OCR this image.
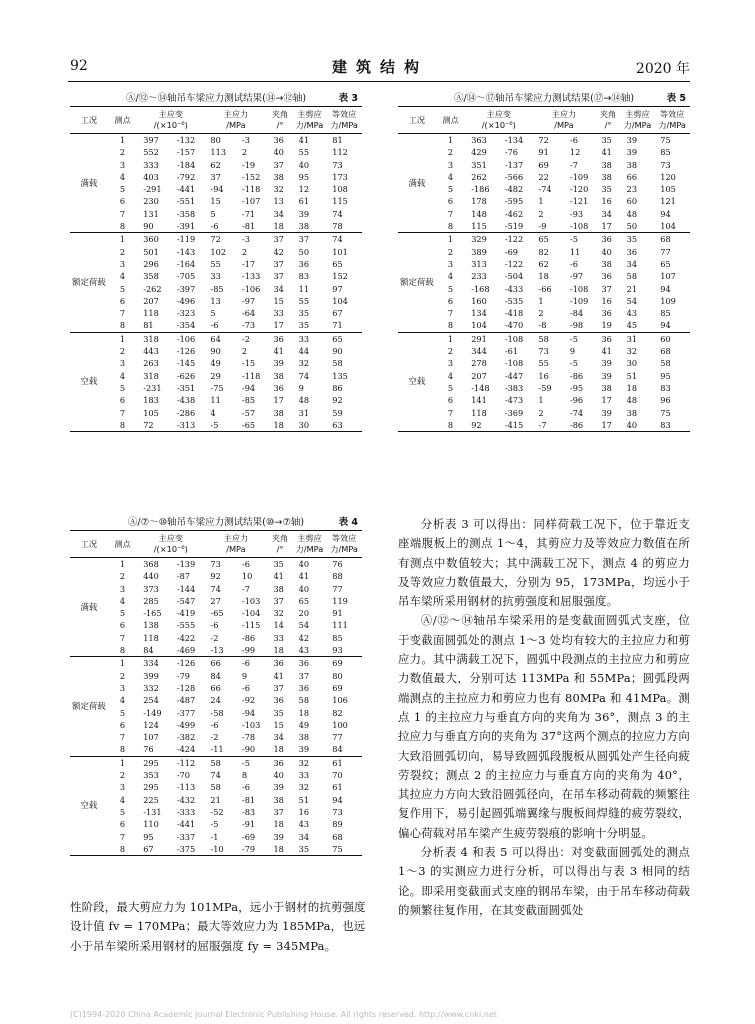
92	建筑结构	2020 年
Ⓐ/⑫～⑭轴吊车梁应力测试结果(⑭→⑫轴)	表 3
工况	测点	主应变
/(×10⁻⁶)		主应力
/MPa		夹角
/°	主剪应
力/MPa	等效应
力/MPa
满载	1	397	-132	80	-3	36	41	81
	2	552	-157	113	2	40	55	112
	3	333	-184	62	-19	37	40	73
	4	403	-792	37	-152	38	95	173
	5	-291	-441	-94	-118	32	12	108
	6	230	-551	15	-107	13	61	115
	7	131	-358	5	-71	34	39	74
	8	90	-391	-6	-81	18	38	78
额定荷载	1	360	-119	72	-3	37	37	74
	2	501	-143	102	2	42	50	101
	3	296	-164	55	-17	37	36	65
	4	358	-705	33	-133	37	83	152
	5	-262	-397	-85	-106	34	11	97
	6	207	-496	13	-97	15	55	104
	7	118	-323	5	-64	33	35	67
	8	81	-354	-6	-73	17	35	71
空载	1	318	-106	64	-2	36	33	65
	2	443	-126	90	2	41	44	90
	3	263	-145	49	-15	39	32	58
	4	318	-626	29	-118	38	74	135
	5	-231	-351	-75	-94	36	9	86
	6	183	-438	11	-85	17	48	92
	7	105	-286	4	-57	38	31	59
	8	72	-313	-5	-65	18	30	63
Ⓐ/⑭～⑰轴吊车梁应力测试结果(⑰→⑭轴)	表 5
工况	测点	主应变
/(×10⁻⁶)		主应力
/MPa		夹角
/°	主剪应
力/MPa	等效应
力/MPa
满载	1	363	-134	72	-6	35	39	75
	2	429	-76	91	12	41	39	85
	3	351	-137	69	-7	38	38	73
	4	262	-566	22	-109	38	66	120
	5	-186	-482	-74	-120	35	23	105
	6	178	-595	1	-121	16	60	121
	7	148	-462	2	-93	34	48	94
	8	115	-519	-9	-108	17	50	104
额定荷载	1	329	-122	65	-5	36	35	68
	2	389	-69	82	11	40	36	77
	3	313	-122	62	-6	38	34	65
	4	233	-504	18	-97	36	58	107
	5	-168	-433	-66	-108	37	21	94
	6	160	-535	1	-109	16	54	109
	7	134	-418	2	-84	36	43	85
	8	104	-470	-8	-98	19	45	94
空载	1	291	-108	58	-5	36	31	60
	2	344	-61	73	9	41	32	68
	3	278	-108	55	-5	39	30	58
	4	207	-447	16	-86	39	51	95
	5	-148	-383	-59	-95	38	18	83
	6	141	-473	1	-96	17	48	96
	7	118	-369	2	-74	39	38	75
	8	92	-415	-7	-86	17	40	83
Ⓐ/⑦～⑩轴吊车梁应力测试结果(⑩→⑦轴)	表 4
工况	测点	主应变
/(×10⁻⁶)		主应力
/MPa		夹角
/°	主剪应
力/MPa	等效应
力/MPa
满载	1	368	-139	73	-6	35	40	76
	2	440	-87	92	10	41	41	88
	3	373	-144	74	-7	38	40	77
	4	285	-547	27	-103	37	65	119
	5	-165	-419	-65	-104	32	20	91
	6	138	-555	-6	-115	14	54	111
	7	118	-422	-2	-86	33	42	85
	8	84	-469	-13	-99	18	43	93
额定荷载	1	334	-126	66	-6	36	36	69
	2	399	-79	84	9	41	37	80
	3	332	-128	66	-6	37	36	69
	4	254	-487	24	-92	36	58	106
	5	-149	-377	-58	-94	35	18	82
	6	124	-499	-6	-103	15	49	100
	7	107	-382	-2	-78	34	38	77
	8	76	-424	-11	-90	18	39	84
空载	1	295	-112	58	-5	36	32	61
	2	353	-70	74	8	40	33	70
	3	295	-113	58	-6	39	32	61
	4	225	-432	21	-81	38	51	94
	5	-131	-333	-52	-83	37	16	73
	6	110	-441	-5	-91	18	43	89
	7	95	-337	-1	-69	39	34	68
	8	67	-375	-10	-79	18	35	75

分析表 3 可以得出：同样荷载工况下，位于靠近支座端腹板上的测点 1～4，其剪应力及等效应力数值在所有测点中数值较大；其中满载工况下，测点 4 的剪应力及等效应力数值最大，分别为 95，173MPa，均远小于吊车梁所采用钢材的抗剪强度和屈服强度。

Ⓐ/⑫～⑭轴吊车梁采用的是变截面圆弧式支座，位于变截面圆弧处的测点 1～3 处均有较大的主拉应力和剪应力。其中满载工况下，圆弧中段测点的主拉应力和剪应力数值最大，分别可达 113MPa 和 55MPa；圆弧段两端测点的主拉应力和剪应力也有 80MPa 和 41MPa。测点 1 的主拉应力与垂直方向的夹角为 36°，测点 3 的主拉应力与垂直方向的夹角为 37°这两个测点的拉应力方向大致沿圆弧切向，易导致圆弧段腹板从圆弧处产生径向疲劳裂纹；测点 2 的主拉应力与垂直方向的夹角为 40°，其拉应力方向大致沿圆弧径向，在吊车移动荷载的频繁往复作用下，易引起圆弧端翼缘与腹板间焊缝的疲劳裂纹，偏心荷载对吊车梁产生疲劳裂痕的影响十分明显。

分析表 4 和表 5 可以得出：对变截面圆弧处的测点 1～3 的实测应力进行分析，可以得出与表 3 相同的结论。即采用变截面式支座的钢吊车梁，由于吊车移动荷载的频繁往复作用，在其变截面圆弧处

性阶段，最大剪应力为 101MPa，远小于钢材的抗剪强度设计值 fv = 170MPa；最大等效应力为 185MPa，也远小于吊车梁所采用钢材的屈服强度 fy = 345MPa。
(C)1994-2020 China Academic Journal Electronic Publishing House. All rights reserved. http://www.cnki.net
